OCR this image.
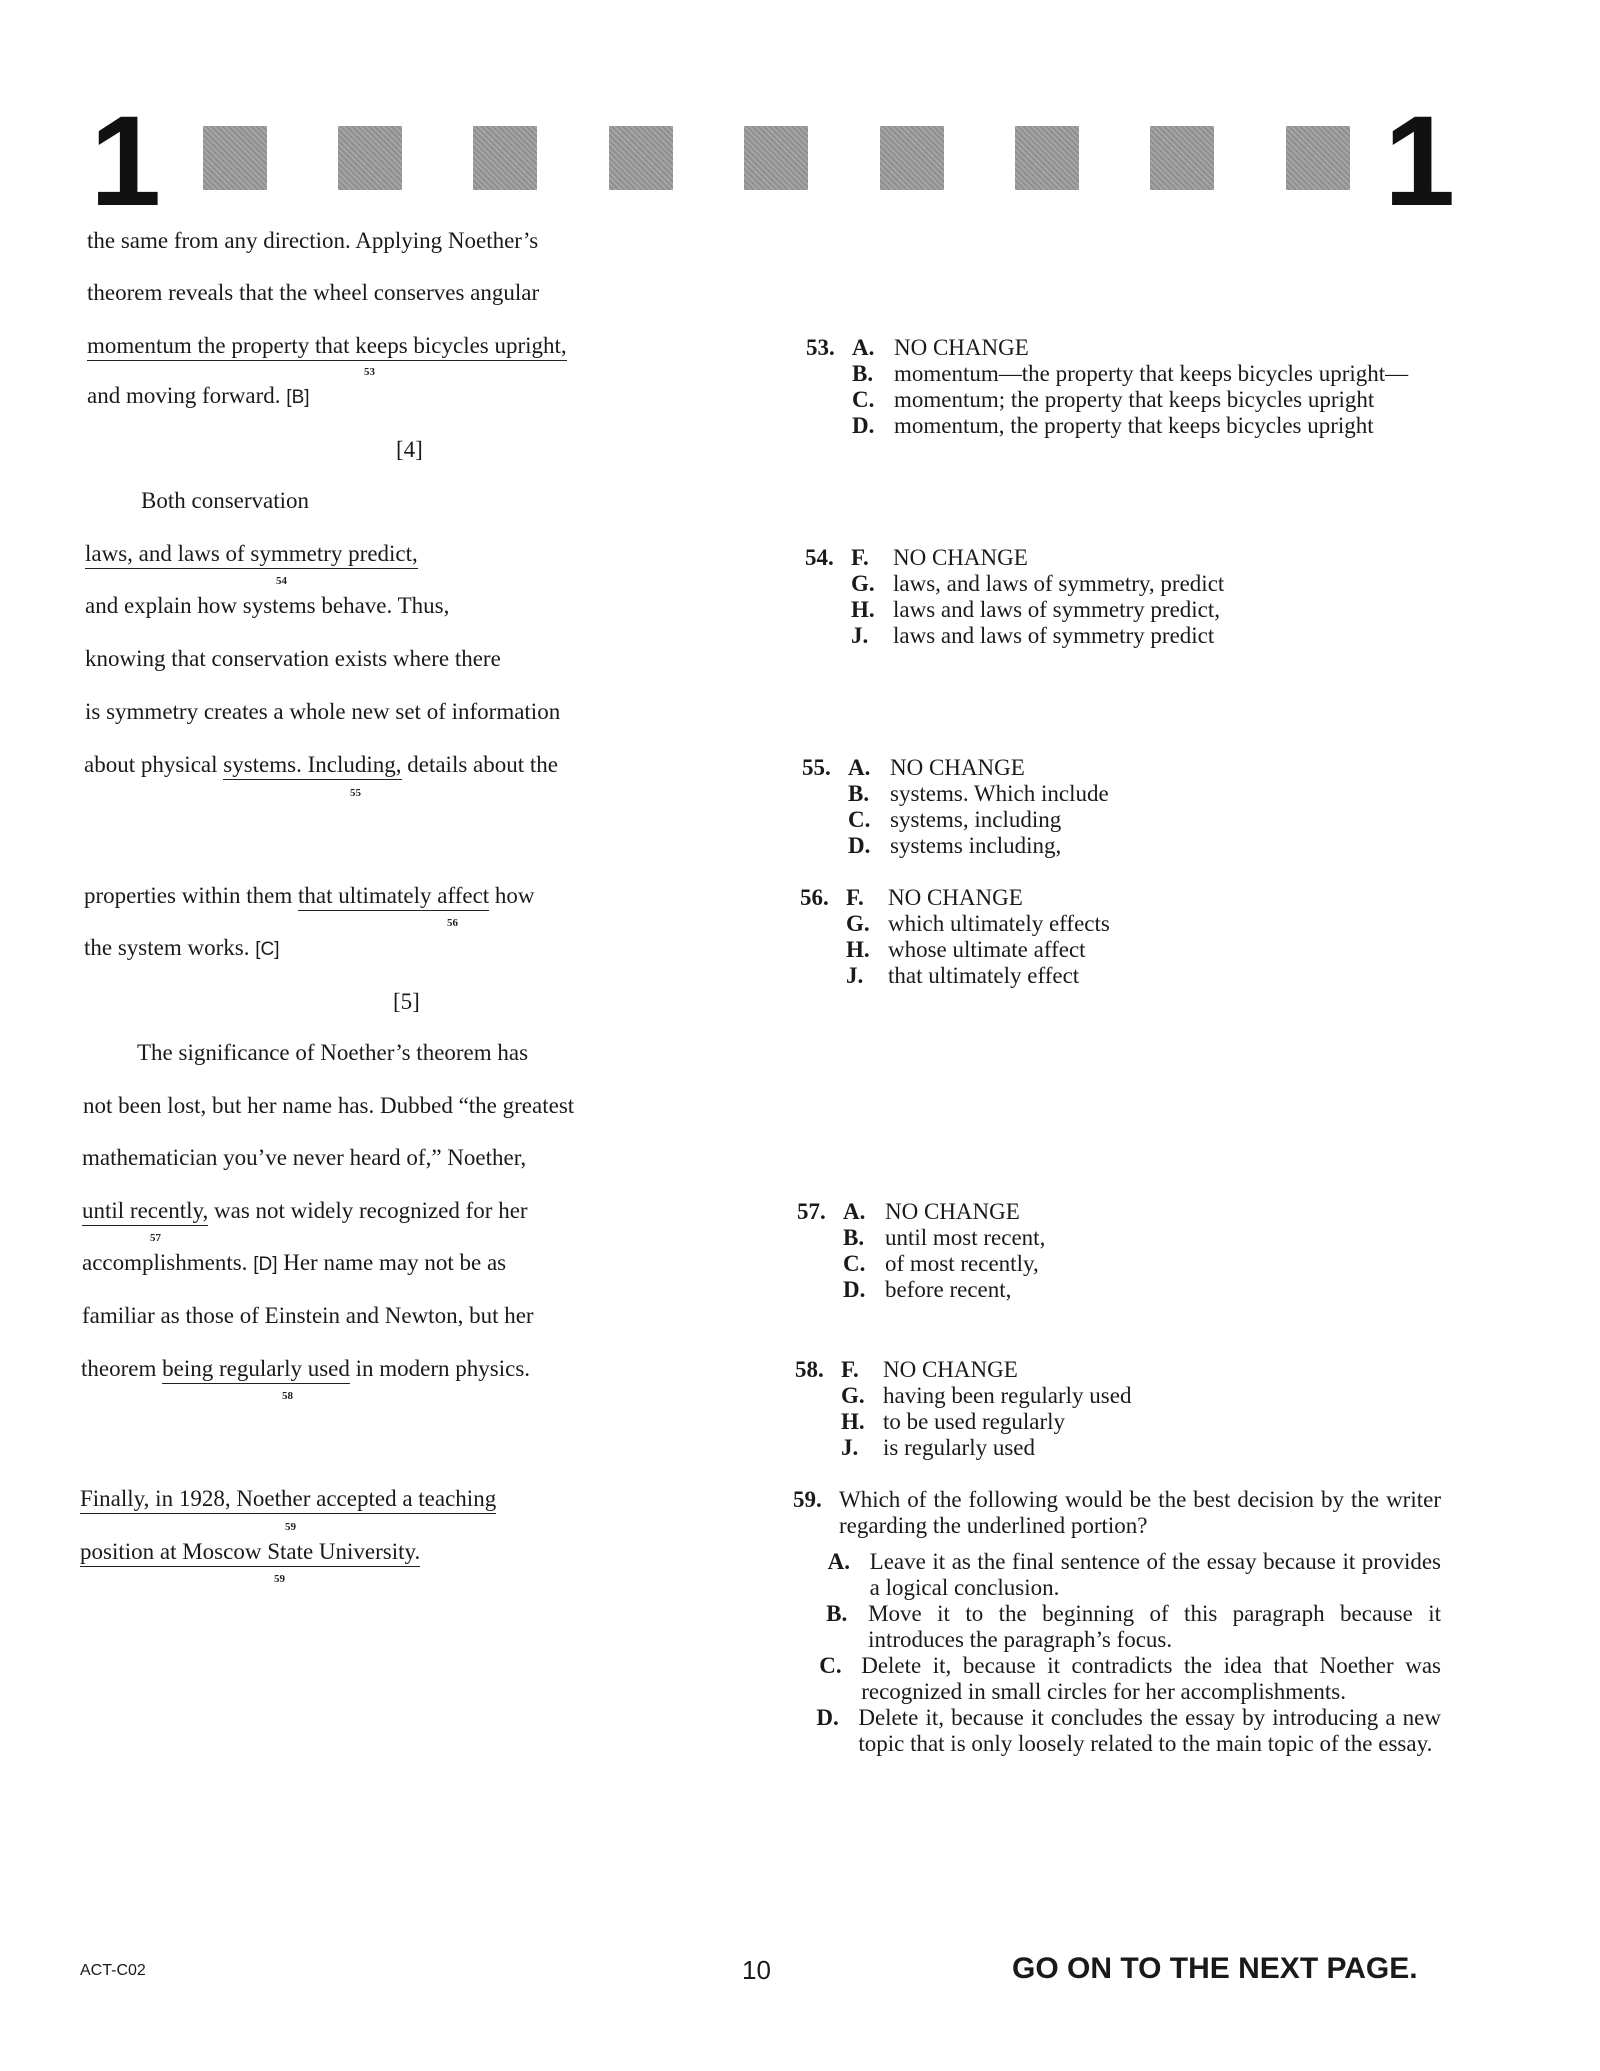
1	1
the same from any direction. Applying Noether’s
theorem reveals that the wheel conserves angular
momentum the property that keeps bicycles upright,
53
and moving forward. [B]
[4]
Both conservation
laws, and laws of symmetry predict,
54
and explain how systems behave. Thus,
knowing that conservation exists where there
is symmetry creates a whole new set of information
about physical systems. Including, details about the
55
properties within them that ultimately affect how
56
the system works. [C]
[5]
The significance of Noether’s theorem has
not been lost, but her name has. Dubbed “the greatest
mathematician you’ve never heard of,” Noether,
until recently, was not widely recognized for her
57
accomplishments. [D] Her name may not be as
familiar as those of Einstein and Newton, but her
theorem being regularly used in modern physics.
58
Finally, in 1928, Noether accepted a teaching
59
position at Moscow State University.
59
53. A. NO CHANGE
B. momentum—the property that keeps bicycles upright—
C. momentum; the property that keeps bicycles upright
D. momentum, the property that keeps bicycles upright
54. F.	NO CHANGE
G. laws, and laws of symmetry, predict
H. laws and laws of symmetry predict,
J.	laws and laws of symmetry predict
55. A. NO CHANGE
B. systems. Which include
C. systems, including
D. systems including,
56. F.	NO CHANGE
G. which ultimately effects
H. whose ultimate affect
J.	that ultimately effect
57. A. NO CHANGE
B. until most recent,
C. of most recently,
D. before recent,
58. F.	NO CHANGE
G. having been regularly used
H. to be used regularly
J.	is regularly used
59. Which of the following would be the best decision by the writer regarding the underlined portion?
A. Leave it as the final sentence of the essay because it provides a logical conclusion.
B. Move it to the beginning of this paragraph because it introduces the paragraph’s focus.
C. Delete it, because it contradicts the idea that Noether was recognized in small circles for her accomplishments.
D. Delete it, because it concludes the essay by introducing a new topic that is only loosely related to the main topic of the essay.
ACT-C02	10	GO ON TO THE NEXT PAGE.
